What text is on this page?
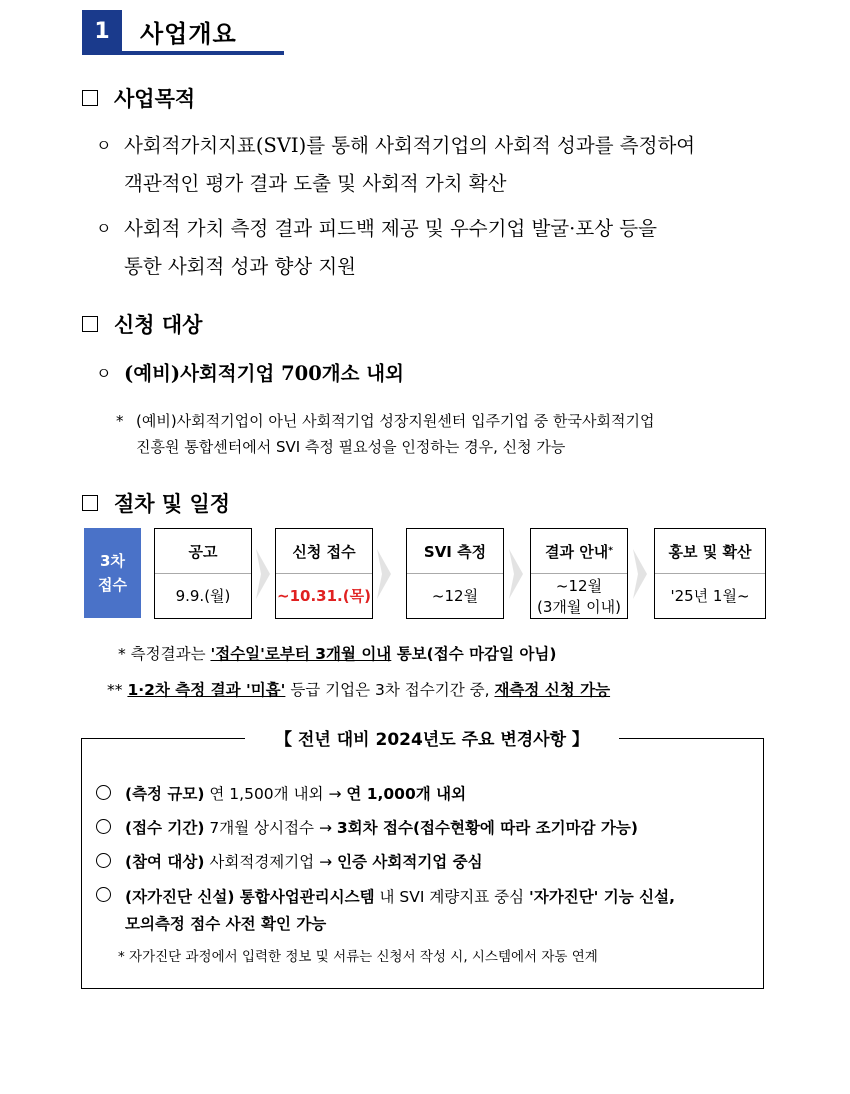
1	사업개요
사업목적
ㅇ 사회적가치지표(SVI)를 통해 사회적기업의 사회적 성과를 측정하여
객관적인 평가 결과 도출 및 사회적 가치 확산
ㅇ 사회적 가치 측정 결과 피드백 제공 및 우수기업 발굴·포상 등을
통한 사회적 성과 향상 지원
신청 대상
ㅇ (예비)사회적기업 700개소 내외
* (예비)사회적기업이 아닌 사회적기업 성장지원센터 입주기업 중 한국사회적기업
진흥원 통합센터에서 SVI 측정 필요성을 인정하는 경우, 신청 가능
절차 및 일정
3차
접수
공고
9.9.(월)
신청 접수
~10.31.(목)
SVI 측정
~12월
결과 안내 *
~12월
(3개월 이내)
홍보 및 확산
'25년 1월~
* 측정결과는 '접수일'로부터 3개월 이내 통보(접수 마감일 아님)
** 1·2차 측정 결과 '미흡' 등급 기업은 3차 접수기간 중, 재측정 신청 가능
【 전년 대비 2024년도 주요 변경사항 】
(측정 규모) 연 1,500개 내외 → 연 1,000개 내외
(접수 기간) 7개월 상시접수 → 3회차 접수(접수현황에 따라 조기마감 가능)
(참여 대상) 사회적경제기업 → 인증 사회적기업 중심
(자가진단 신설) 통합사업관리시스템 내 SVI 계량지표 중심 '자가진단' 기능 신설,
모의측정 점수 사전 확인 가능
* 자가진단 과정에서 입력한 정보 및 서류는 신청서 작성 시, 시스템에서 자동 연계
